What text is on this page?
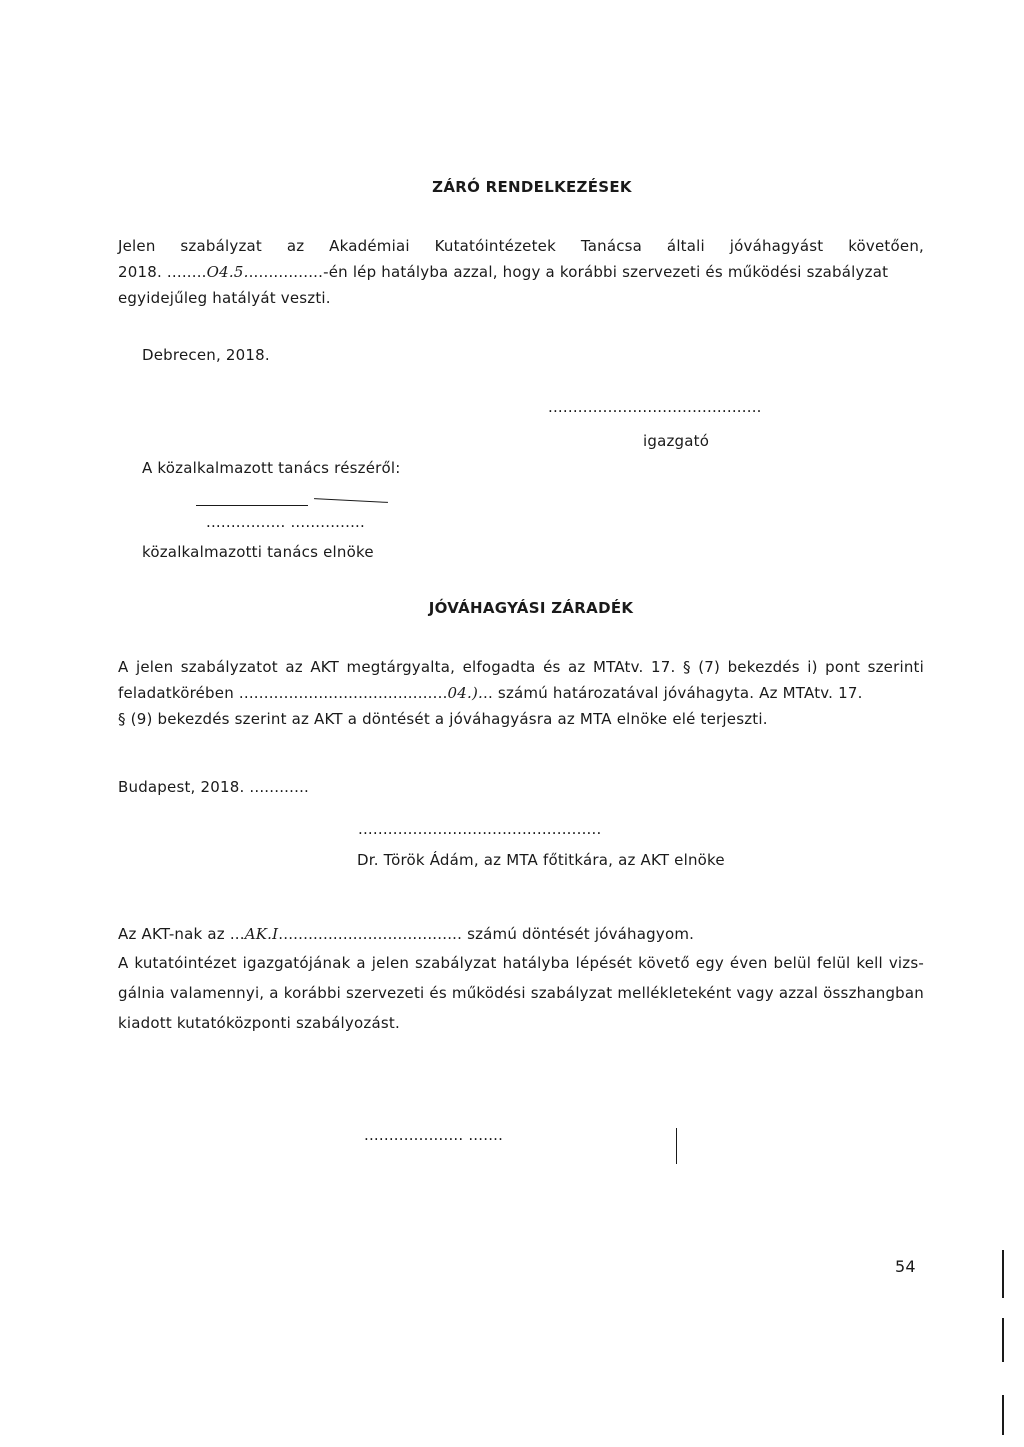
ZÁRÓ RENDELKEZÉSEK
Jelen szabályzat az Akadémiai Kutatóintézetek Tanácsa általi jóváhagyást követően,
2018. ........O4.5................-én lép hatályba azzal, hogy a korábbi szervezeti és működési szabályzat
egyidejűleg hatályát veszti.
Debrecen, 2018.
...........................................
igazgató
A közalkalmazott tanács részéről:
................ ...............
közalkalmazotti tanács elnöke
JÓVÁHAGYÁSI ZÁRADÉK
A jelen szabályzatot az AKT megtárgyalta, elfogadta és az MTAtv. 17. § (7) bekezdés i) pont szerinti
feladatkörében ..........................................04.)... számú határozatával jóváhagyta. Az MTAtv. 17.
§ (9) bekezdés szerint az AKT a döntését a jóváhagyásra az MTA elnöke elé terjeszti.
Budapest, 2018. ............
.................................................
Dr. Török Ádám, az MTA főtitkára, az AKT elnöke
Az AKT-nak az ...AK.I..................................... számú döntését jóváhagyom.
A kutatóintézet igazgatójának a jelen szabályzat hatályba lépését követő egy éven belül felül kell vizs-
gálnia valamennyi, a korábbi szervezeti és működési szabályzat mellékleteként vagy azzal összhangban
kiadott kutatóközponti szabályozást.
.................... .......
54
